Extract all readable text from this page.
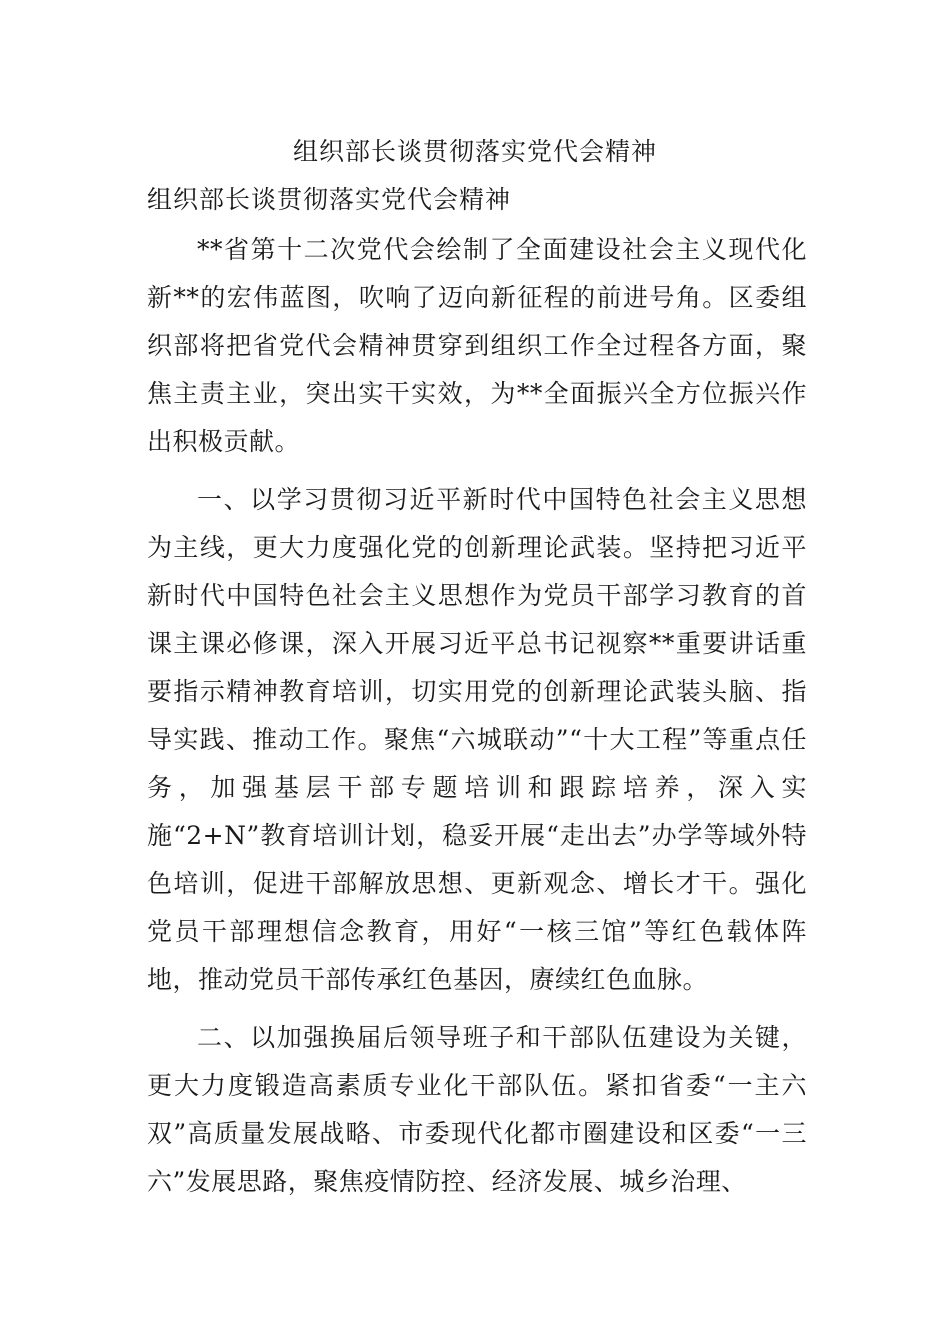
组织部长谈贯彻落实党代会精神
组织部长谈贯彻落实党代会精神

**省第十二次党代会绘制了全面建设社会主义现代化新**的宏伟蓝图，吹响了迈向新征程的前进号角。区委组织部将把省党代会精神贯穿到组织工作全过程各方面，聚焦主责主业，突出实干实效，为**全面振兴全方位振兴作出积极贡献。

一、以学习贯彻习近平新时代中国特色社会主义思想为主线，更大力度强化党的创新理论武装。坚持把习近平新时代中国特色社会主义思想作为党员干部学习教育的首课主课必修课，深入开展习近平总书记视察**重要讲话重要指示精神教育培训，切实用党的创新理论武装头脑、指导实践、推动工作。聚焦“六城联动”“十大工程”等重点任务，加强基层干部专题培训和跟踪培养，深入实施“2+N”教育培训计划，稳妥开展“走出去”办学等域外特色培训，促进干部解放思想、更新观念、增长才干。强化党员干部理想信念教育，用好“一核三馆”等红色载体阵地，推动党员干部传承红色基因，赓续红色血脉。

二、以加强换届后领导班子和干部队伍建设为关键，更大力度锻造高素质专业化干部队伍。紧扣省委“一主六双”高质量发展战略、市委现代化都市圈建设和区委“一三六”发展思路，聚焦疫情防控、经济发展、城乡治理、
